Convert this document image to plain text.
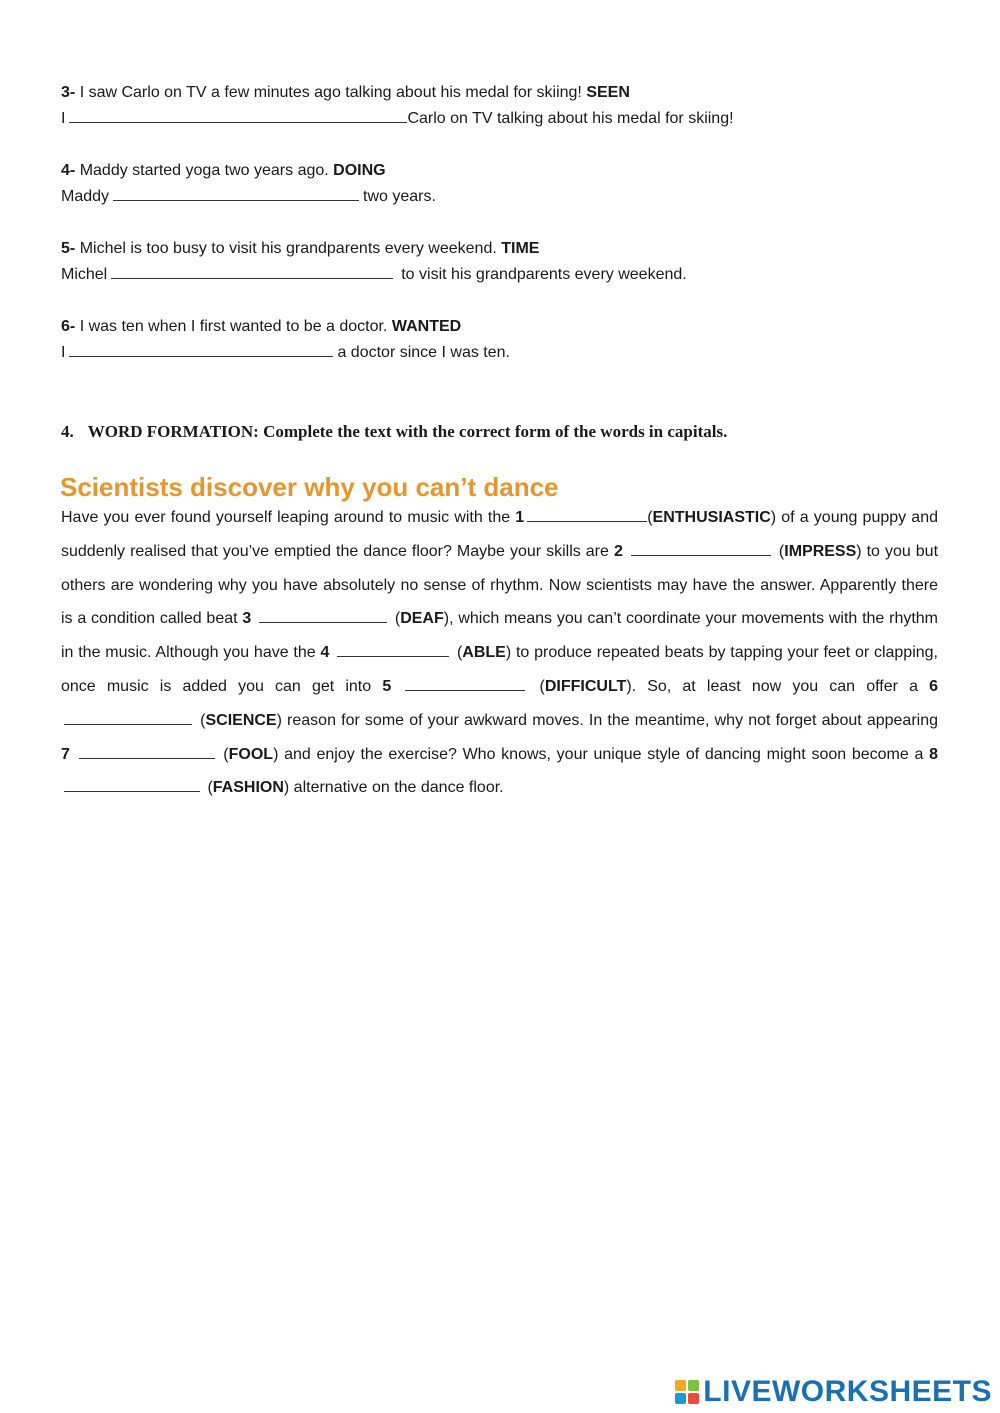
3- I saw Carlo on TV a few minutes ago talking about his medal for skiing! SEEN
I	Carlo on TV talking about his medal for skiing!
4- Maddy started yoga two years ago. DOING
Maddy	two years.
5- Michel is too busy to visit his grandparents every weekend. TIME
Michel	to visit his grandparents every weekend.
6- I was ten when I first wanted to be a doctor. WANTED
I	a doctor since I was ten.
4. WORD FORMATION: Complete the text with the correct form of the words in capitals.
Scientists discover why you can’t dance
Have you ever found yourself leaping around to music with the 1	(ENTHUSIASTIC) of a young puppy and suddenly realised that you’ve emptied the dance floor? Maybe your skills are 2	(IMPRESS) to you but others are wondering why you have absolutely no sense of rhythm. Now scientists may have the answer. Apparently there is a condition called beat 3	(DEAF), which means you can’t coordinate your movements with the rhythm in the music. Although you have the 4	(ABLE) to produce repeated beats by tapping your feet or clapping, once music is added you can get into 5	(DIFFICULT). So, at least now you can offer a 6  (SCIENCE) reason for some of your awkward moves. In the meantime, why not forget about appearing 7	(FOOL) and enjoy the exercise? Who knows, your unique style of dancing might soon become a 8  (FASHION) alternative on the dance floor.
LIVEWORKSHEETS
